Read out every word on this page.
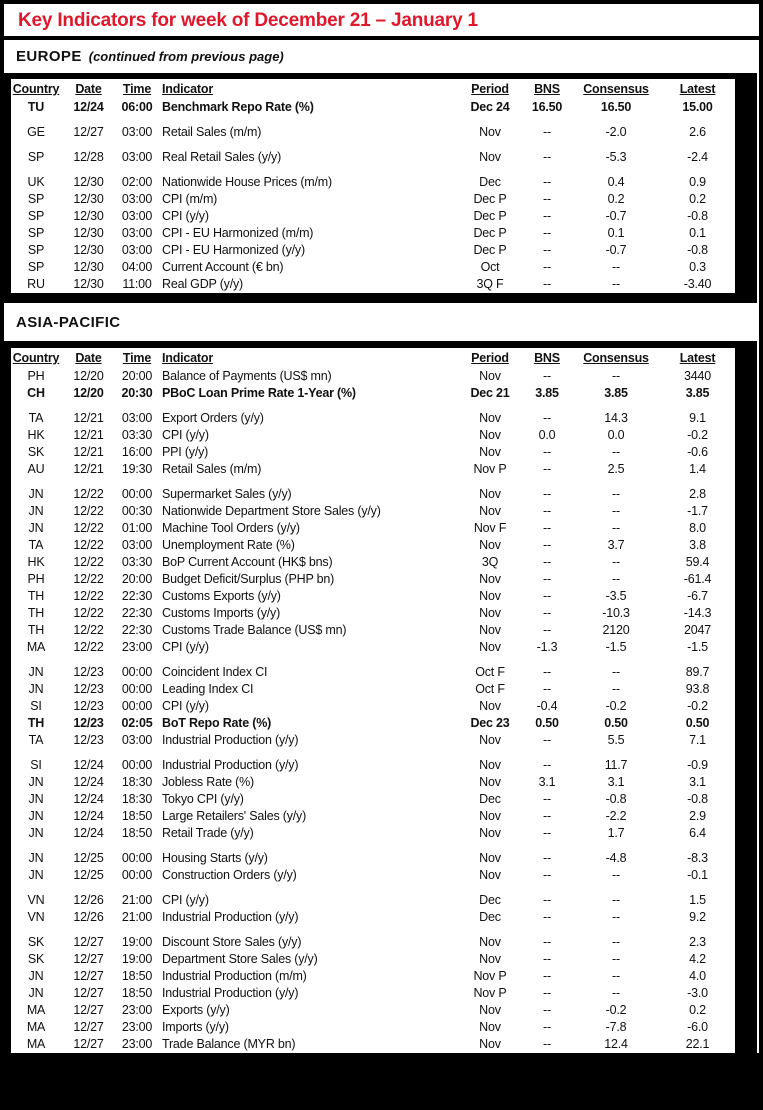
Key Indicators for week of December 21 – January 1
EUROPE (continued from previous page)
Country	Date	Time Indicator	Period	BNS	Consensus	Latest
TU	12/24	06:00 Benchmark Repo Rate (%)	Dec 24	16.50	16.50	15.00
GE	12/27	03:00 Retail Sales (m/m)	Nov	--	-2.0	2.6
SP	12/28	03:00 Real Retail Sales (y/y)	Nov	--	-5.3	-2.4
UK	12/30	02:00 Nationwide House Prices (m/m)	Dec	--	0.4	0.9
SP	12/30	03:00 CPI (m/m)	Dec P	--	0.2	0.2
SP	12/30	03:00 CPI (y/y)	Dec P	--	-0.7	-0.8
SP	12/30	03:00 CPI - EU Harmonized (m/m)	Dec P	--	0.1	0.1
SP	12/30	03:00 CPI - EU Harmonized (y/y)	Dec P	--	-0.7	-0.8
SP	12/30	04:00 Current Account (€ bn)	Oct	--	--	0.3
RU	12/30	11:00 Real GDP (y/y)	3Q F	--	--	-3.40
ASIA-PACIFIC
Country	Date	Time Indicator	Period	BNS	Consensus	Latest
PH	12/20	20:00 Balance of Payments (US$ mn)	Nov	--	--	3440
CH	12/20	20:30 PBoC Loan Prime Rate 1-Year (%)	Dec 21	3.85	3.85	3.85
TA	12/21	03:00 Export Orders (y/y)	Nov	--	14.3	9.1
HK	12/21	03:30 CPI (y/y)	Nov	0.0	0.0	-0.2
SK	12/21	16:00 PPI (y/y)	Nov	--	--	-0.6
AU	12/21	19:30 Retail Sales (m/m)	Nov P	--	2.5	1.4
JN	12/22	00:00 Supermarket Sales (y/y)	Nov	--	--	2.8
JN	12/22	00:30 Nationwide Department Store Sales (y/y)	Nov	--	--	-1.7
JN	12/22	01:00 Machine Tool Orders (y/y)	Nov F	--	--	8.0
TA	12/22	03:00 Unemployment Rate (%)	Nov	--	3.7	3.8
HK	12/22	03:30 BoP Current Account (HK$ bns)	3Q	--	--	59.4
PH	12/22	20:00 Budget Deficit/Surplus (PHP bn)	Nov	--	--	-61.4
TH	12/22	22:30 Customs Exports (y/y)	Nov	--	-3.5	-6.7
TH	12/22	22:30 Customs Imports (y/y)	Nov	--	-10.3	-14.3
TH	12/22	22:30 Customs Trade Balance (US$ mn)	Nov	--	2120	2047
MA	12/22	23:00 CPI (y/y)	Nov	-1.3	-1.5	-1.5
JN	12/23	00:00 Coincident Index CI	Oct F	--	--	89.7
JN	12/23	00:00 Leading Index CI	Oct F	--	--	93.8
SI	12/23	00:00 CPI (y/y)	Nov	-0.4	-0.2	-0.2
TH	12/23	02:05 BoT Repo Rate (%)	Dec 23	0.50	0.50	0.50
TA	12/23	03:00 Industrial Production (y/y)	Nov	--	5.5	7.1
SI	12/24	00:00 Industrial Production (y/y)	Nov	--	11.7	-0.9
JN	12/24	18:30 Jobless Rate (%)	Nov	3.1	3.1	3.1
JN	12/24	18:30 Tokyo CPI (y/y)	Dec	--	-0.8	-0.8
JN	12/24	18:50 Large Retailers' Sales (y/y)	Nov	--	-2.2	2.9
JN	12/24	18:50 Retail Trade (y/y)	Nov	--	1.7	6.4
JN	12/25	00:00 Housing Starts (y/y)	Nov	--	-4.8	-8.3
JN	12/25	00:00 Construction Orders (y/y)	Nov	--	--	-0.1
VN	12/26	21:00 CPI (y/y)	Dec	--	--	1.5
VN	12/26	21:00 Industrial Production (y/y)	Dec	--	--	9.2
SK	12/27	19:00 Discount Store Sales (y/y)	Nov	--	--	2.3
SK	12/27	19:00 Department Store Sales (y/y)	Nov	--	--	4.2
JN	12/27	18:50 Industrial Production (m/m)	Nov P	--	--	4.0
JN	12/27	18:50 Industrial Production (y/y)	Nov P	--	--	-3.0
MA	12/27	23:00 Exports (y/y)	Nov	--	-0.2	0.2
MA	12/27	23:00 Imports (y/y)	Nov	--	-7.8	-6.0
MA	12/27	23:00 Trade Balance (MYR bn)	Nov	--	12.4	22.1
